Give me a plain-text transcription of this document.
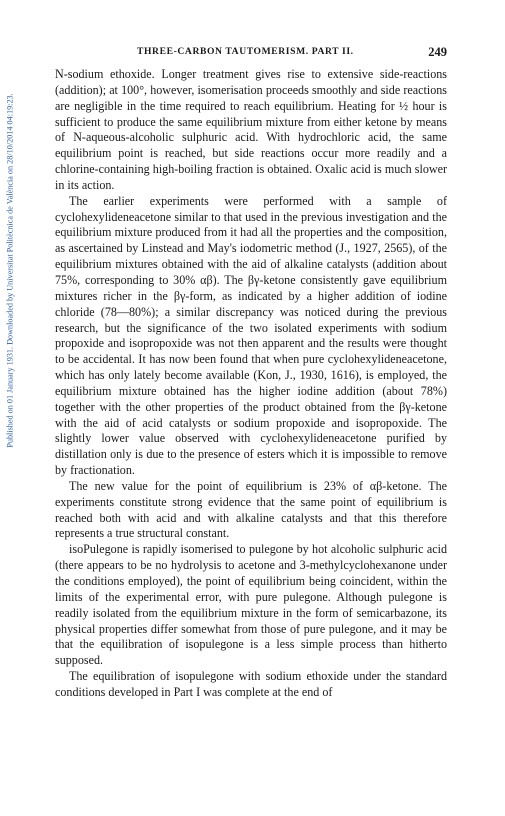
Published on 01 January 1931. Downloaded by Universitat Politècnica de València on 28/10/2014 04:19:23.
THREE-CARBON TAUTOMERISM. PART II.	249

N-sodium ethoxide. Longer treatment gives rise to extensive side-reactions (addition); at 100°, however, isomerisation proceeds smoothly and side reactions are negligible in the time required to reach equilibrium. Heating for ½ hour is sufficient to produce the same equilibrium mixture from either ketone by means of N-aqueous-alcoholic sulphuric acid. With hydrochloric acid, the same equilibrium point is reached, but side reactions occur more readily and a chlorine-containing high-boiling fraction is obtained. Oxalic acid is much slower in its action.

The earlier experiments were performed with a sample of cyclohexylideneacetone similar to that used in the previous investigation and the equilibrium mixture produced from it had all the properties and the composition, as ascertained by Linstead and May's iodometric method (J., 1927, 2565), of the equilibrium mixtures obtained with the aid of alkaline catalysts (addition about 75%, corresponding to 30% αβ). The βγ-ketone consistently gave equilibrium mixtures richer in the βγ-form, as indicated by a higher addition of iodine chloride (78—80%); a similar discrepancy was noticed during the previous research, but the significance of the two isolated experiments with sodium propoxide and isopropoxide was not then apparent and the results were thought to be accidental. It has now been found that when pure cyclohexylideneacetone, which has only lately become available (Kon, J., 1930, 1616), is employed, the equilibrium mixture obtained has the higher iodine addition (about 78%) together with the other properties of the product obtained from the βγ-ketone with the aid of acid catalysts or sodium propoxide and isopropoxide. The slightly lower value observed with cyclohexylideneacetone purified by distillation only is due to the presence of esters which it is impossible to remove by fractionation.

The new value for the point of equilibrium is 23% of αβ-ketone. The experiments constitute strong evidence that the same point of equilibrium is reached both with acid and with alkaline catalysts and that this therefore represents a true structural constant.

isoPulegone is rapidly isomerised to pulegone by hot alcoholic sulphuric acid (there appears to be no hydrolysis to acetone and 3-methylcyclohexanone under the conditions employed), the point of equilibrium being coincident, within the limits of the experimental error, with pure pulegone. Although pulegone is readily isolated from the equilibrium mixture in the form of semicarbazone, its physical properties differ somewhat from those of pure pulegone, and it may be that the equilibration of isopulegone is a less simple process than hitherto supposed.

The equilibration of isopulegone with sodium ethoxide under the standard conditions developed in Part I was complete at the end of
